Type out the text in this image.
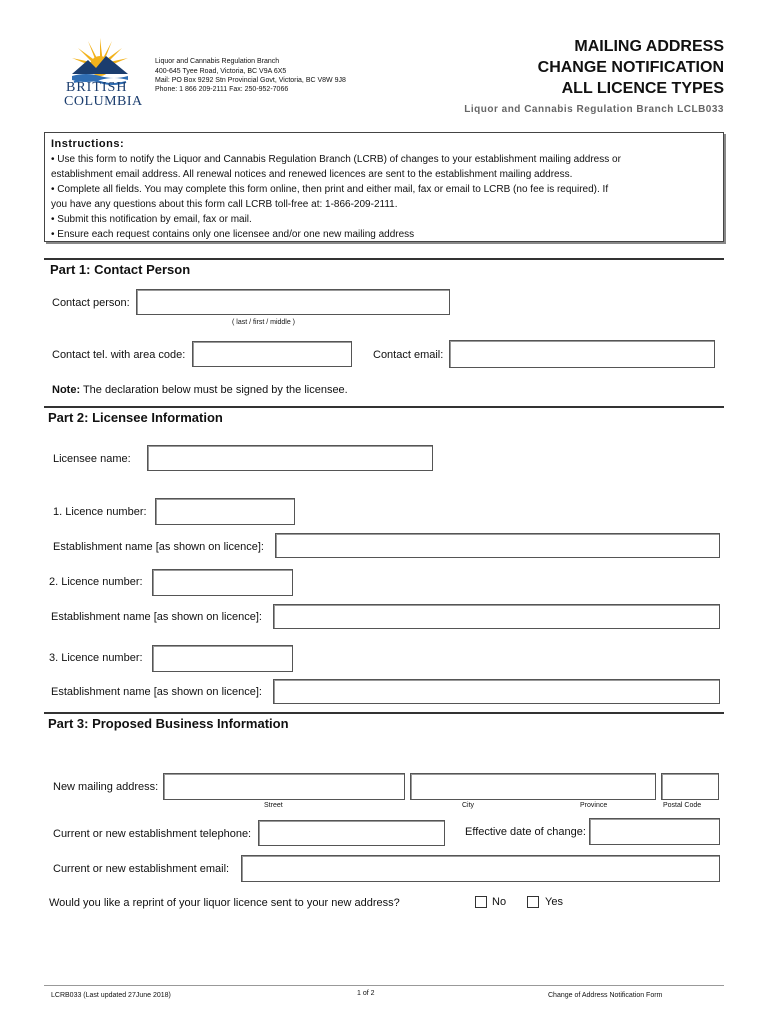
BRITISH
COLUMBIA
Liquor and Cannabis Regulation Branch
400-645 Tyee Road, Victoria, BC V9A 6X5
Mail: PO Box 9292 Stn Provincial Govt, Victoria, BC V8W 9J8
Phone: 1 866 209-2111 Fax: 250-952-7066
MAILING ADDRESS
CHANGE NOTIFICATION
ALL LICENCE TYPES
Liquor and Cannabis Regulation Branch LCLB033
Instructions:
• Use this form to notify the Liquor and Cannabis Regulation Branch (LCRB) of changes to your establishment mailing address or
establishment email address. All renewal notices and renewed licences are sent to the establishment mailing address.
• Complete all fields. You may complete this form online, then print and either mail, fax or email to LCRB (no fee is required). If
you have any questions about this form call LCRB toll-free at: 1-866-209-2111.
• Submit this notification by email, fax or mail.
• Ensure each request contains only one licensee and/or one new mailing address
Part 1: Contact Person
Contact person:
( last / first / middle )
Contact tel. with area code:	Contact email:
Note: The declaration below must be signed by the licensee.
Part 2: Licensee Information
Licensee name:
1. Licence number:
Establishment name [as shown on licence]:
2. Licence number:
Establishment name [as shown on licence]:
3. Licence number:
Establishment name [as shown on licence]:
Part 3: Proposed Business Information
New mailing address:
Street	City	Province	Postal Code
Current or new establishment telephone:	Effective date of change:
Current or new establishment email:
Would you like a reprint of your liquor licence sent to your new address?	No	Yes
LCRB033 (Last updated 27June 2018)	1 of 2	Change of Address Notification Form
